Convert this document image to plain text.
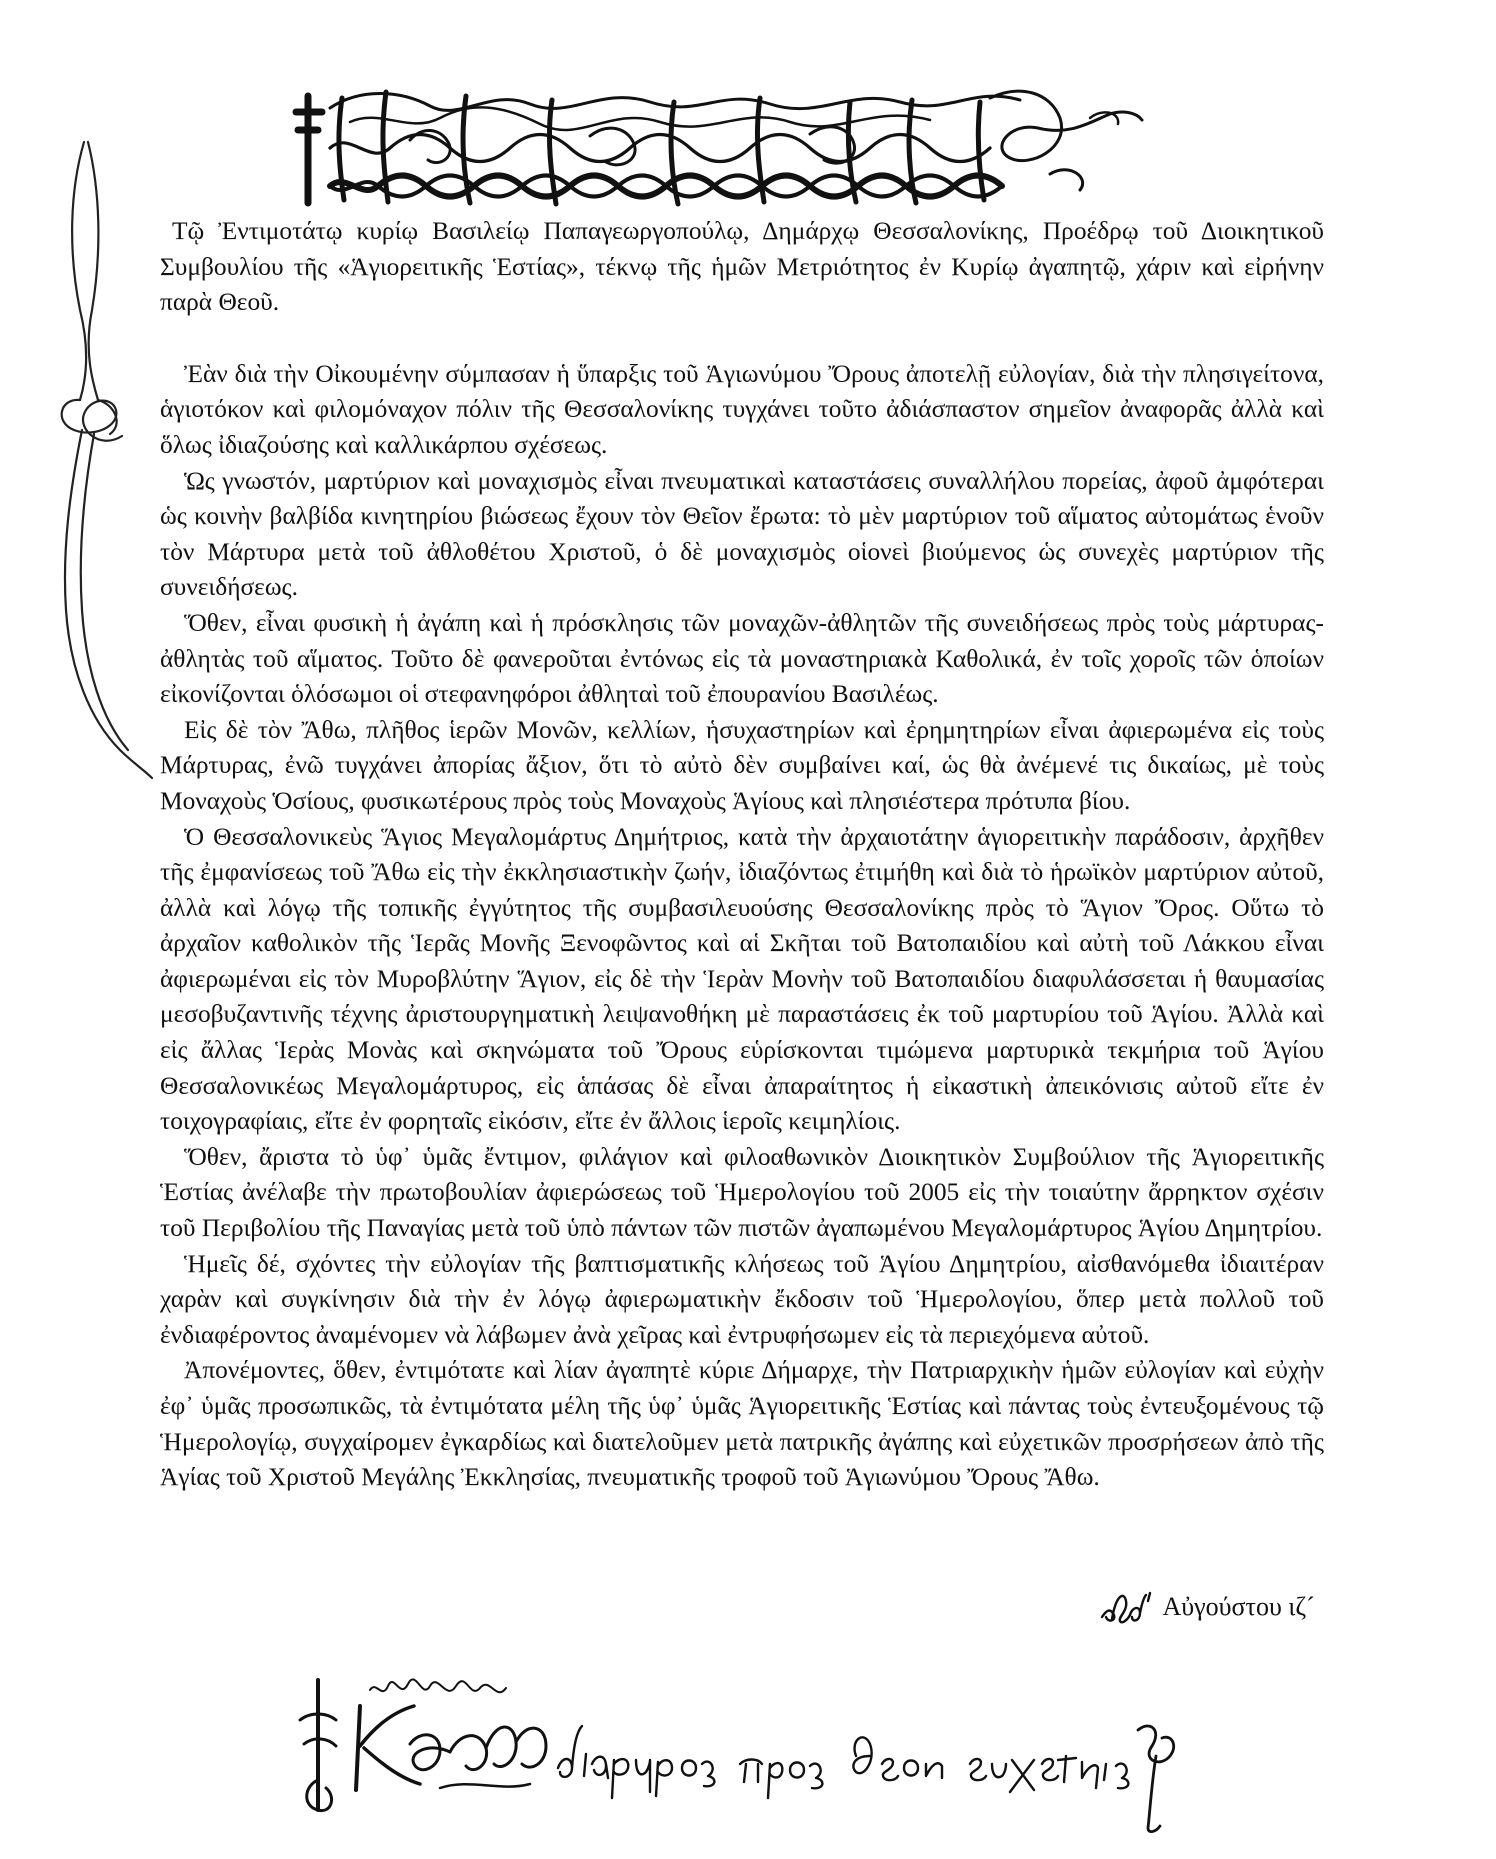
Τῷ Ἐντιμοτάτῳ κυρίῳ Βασιλείῳ Παπαγεωργοπούλῳ, Δημάρχῳ Θεσσαλονίκης, Προέδρῳ τοῦ Διοικητικοῦ Συμβουλίου τῆς «Ἁγιορειτικῆς Ἑστίας», τέκνῳ τῆς ἡμῶν Μετριότητος ἐν Κυρίῳ ἀγαπητῷ, χάριν καὶ εἰρήνην παρὰ Θεοῦ.

Ἐὰν διὰ τὴν Οἰκουμένην σύμπασαν ἡ ὕπαρξις τοῦ Ἁγιωνύμου Ὄρους ἀποτελῇ εὐλογίαν, διὰ τὴν πλησιγείτονα, ἁγιοτόκον καὶ φιλομόναχον πόλιν τῆς Θεσσαλονίκης τυγχάνει τοῦτο ἀδιάσπαστον σημεῖον ἀναφορᾶς ἀλλὰ καὶ ὅλως ἰδιαζούσης καὶ καλλικάρπου σχέσεως.

Ὡς γνωστόν, μαρτύριον καὶ μοναχισμὸς εἶναι πνευματικαὶ καταστάσεις συναλλήλου πορείας, ἀφοῦ ἀμφότεραι ὡς κοινὴν βαλβίδα κινητηρίου βιώσεως ἔχουν τὸν Θεῖον ἔρωτα: τὸ μὲν μαρτύριον τοῦ αἵματος αὐτομάτως ἑνοῦν τὸν Μάρτυρα μετὰ τοῦ ἀθλοθέτου Χριστοῦ, ὁ δὲ μοναχισμὸς οἱονεὶ βιούμενος ὡς συνεχὲς μαρτύριον τῆς συνειδήσεως.

Ὅθεν, εἶναι φυσικὴ ἡ ἀγάπη καὶ ἡ πρόσκλησις τῶν μοναχῶν-ἀθλητῶν τῆς συνειδήσεως πρὸς τοὺς μάρτυρας-ἀθλητὰς τοῦ αἵματος. Τοῦτο δὲ φανεροῦται ἐντόνως εἰς τὰ μοναστηριακὰ Καθολικά, ἐν τοῖς χοροῖς τῶν ὁποίων εἰκονίζονται ὁλόσωμοι οἱ στεφανηφόροι ἀθληταὶ τοῦ ἐπουρανίου Βασιλέως.

Εἰς δὲ τὸν Ἄθω, πλῆθος ἱερῶν Μονῶν, κελλίων, ἡσυχαστηρίων καὶ ἐρημητηρίων εἶναι ἀφιερωμένα εἰς τοὺς Μάρτυρας, ἐνῶ τυγχάνει ἀπορίας ἄξιον, ὅτι τὸ αὐτὸ δὲν συμβαίνει καί, ὡς θὰ ἀνέμενέ τις δικαίως, μὲ τοὺς Μοναχοὺς Ὁσίους, φυσικωτέρους πρὸς τοὺς Μοναχοὺς Ἁγίους καὶ πλησιέστερα πρότυπα βίου.

Ὁ Θεσσαλονικεὺς Ἅγιος Μεγαλομάρτυς Δημήτριος, κατὰ τὴν ἀρχαιοτάτην ἁγιορειτικὴν παράδοσιν, ἀρχῆθεν τῆς ἐμφανίσεως τοῦ Ἄθω εἰς τὴν ἐκκλησιαστικὴν ζωήν, ἰδιαζόντως ἐτιμήθη καὶ διὰ τὸ ἡρωϊκὸν μαρτύριον αὐτοῦ, ἀλλὰ καὶ λόγῳ τῆς τοπικῆς ἐγγύτητος τῆς συμβασιλευούσης Θεσσαλονίκης πρὸς τὸ Ἅγιον Ὄρος. Οὕτω τὸ ἀρχαῖον καθολικὸν τῆς Ἱερᾶς Μονῆς Ξενοφῶντος καὶ αἱ Σκῆται τοῦ Βατοπαιδίου καὶ αὐτὴ τοῦ Λάκκου εἶναι ἀφιερωμέναι εἰς τὸν Μυροβλύτην Ἅγιον, εἰς δὲ τὴν Ἱερὰν Μονὴν τοῦ Βατοπαιδίου διαφυλάσσεται ἡ θαυμασίας μεσοβυζαντινῆς τέχνης ἀριστουργηματικὴ λειψανοθήκη μὲ παραστάσεις ἐκ τοῦ μαρτυρίου τοῦ Ἁγίου. Ἀλλὰ καὶ εἰς ἄλλας Ἱερὰς Μονὰς καὶ σκηνώματα τοῦ Ὄρους εὑρίσκονται τιμώμενα μαρτυρικὰ τεκμήρια τοῦ Ἁγίου Θεσσαλονικέως Μεγαλομάρτυρος, εἰς ἁπάσας δὲ εἶναι ἀπαραίτητος ἡ εἰκαστικὴ ἀπεικόνισις αὐτοῦ εἴτε ἐν τοιχογραφίαις, εἴτε ἐν φορηταῖς εἰκόσιν, εἴτε ἐν ἄλλοις ἱεροῖς κειμηλίοις.

Ὅθεν, ἄριστα τὸ ὑφ᾽ ὑμᾶς ἔντιμον, φιλάγιον καὶ φιλοαθωνικὸν Διοικητικὸν Συμβούλιον τῆς Ἁγιορειτικῆς Ἑστίας ἀνέλαβε τὴν πρωτοβουλίαν ἀφιερώσεως τοῦ Ἡμερολογίου τοῦ 2005 εἰς τὴν τοιαύτην ἄρρηκτον σχέσιν τοῦ Περιβολίου τῆς Παναγίας μετὰ τοῦ ὑπὸ πάντων τῶν πιστῶν ἀγαπωμένου Μεγαλομάρτυρος Ἁγίου Δημητρίου.

Ἡμεῖς δέ, σχόντες τὴν εὐλογίαν τῆς βαπτισματικῆς κλήσεως τοῦ Ἁγίου Δημητρίου, αἰσθανόμεθα ἰδιαιτέραν χαρὰν καὶ συγκίνησιν διὰ τὴν ἐν λόγῳ ἀφιερωματικὴν ἔκδοσιν τοῦ Ἡμερολογίου, ὅπερ μετὰ πολλοῦ τοῦ ἐνδιαφέροντος ἀναμένομεν νὰ λάβωμεν ἀνὰ χεῖρας καὶ ἐντρυφήσωμεν εἰς τὰ περιεχόμενα αὐτοῦ.

Ἀπονέμοντες, ὅθεν, ἐντιμότατε καὶ λίαν ἀγαπητὲ κύριε Δήμαρχε, τὴν Πατριαρχικὴν ἡμῶν εὐλογίαν καὶ εὐχὴν ἐφ᾽ ὑμᾶς προσωπικῶς, τὰ ἐντιμότατα μέλη τῆς ὑφ᾽ ὑμᾶς Ἁγιορειτικῆς Ἑστίας καὶ πάντας τοὺς ἐντευξομένους τῷ Ἡμερολογίῳ, συγχαίρομεν ἐγκαρδίως καὶ διατελοῦμεν μετὰ πατρικῆς ἀγάπης καὶ εὐχετικῶν προσρήσεων ἀπὸ τῆς Ἁγίας τοῦ Χριστοῦ Μεγάλης Ἐκκλησίας, πνευματικῆς τροφοῦ τοῦ Ἁγιωνύμου Ὄρους Ἄθω.

Αὐγούστου ιζ´
